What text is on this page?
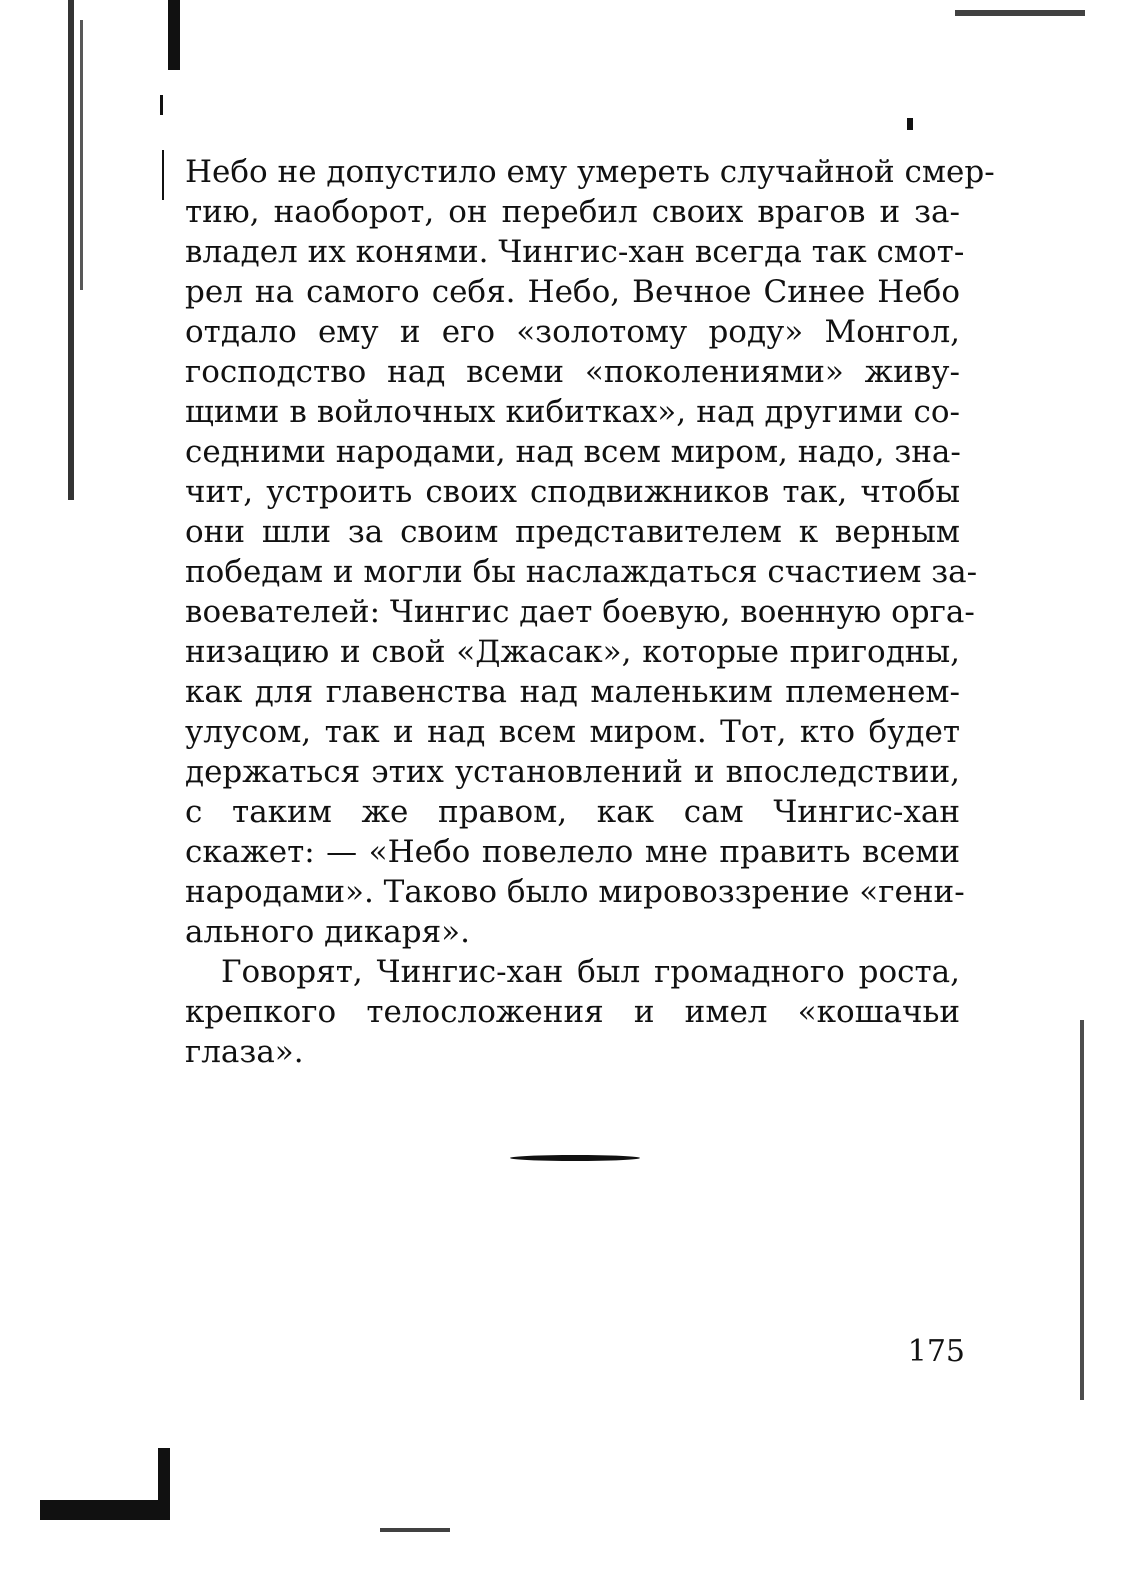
Небо не допустило ему умереть случайной смер-
тию, наоборот, он перебил своих врагов и за-
владел их конями. Чингис-хан всегда так смот-
рел на самого себя. Небо, Вечное Синее Небо
отдало ему и его «золотому роду» Монгол,
господство над всеми «поколениями» живу-
щими в войлочных кибитках», над другими со-
седними народами, над всем миром, надо, зна-
чит, устроить своих сподвижников так, чтобы
они шли за своим представителем к верным
победам и могли бы наслаждаться счастием за-
воевателей: Чингис дает боевую, военную орга-
низацию и свой «Джасак», которые пригодны,
как для главенства над маленьким племенем-
улусом, так и над всем миром. Тот, кто будет
держаться этих установлений и впоследствии,
с таким же правом, как сам Чингис-хан
скажет: — «Небо повелело мне править всеми
народами». Таково было мировоззрение «гени-
ального дикаря».
Говорят, Чингис-хан был громадного роста,
крепкого телосложения и имел «кошачьи
глаза».
175
